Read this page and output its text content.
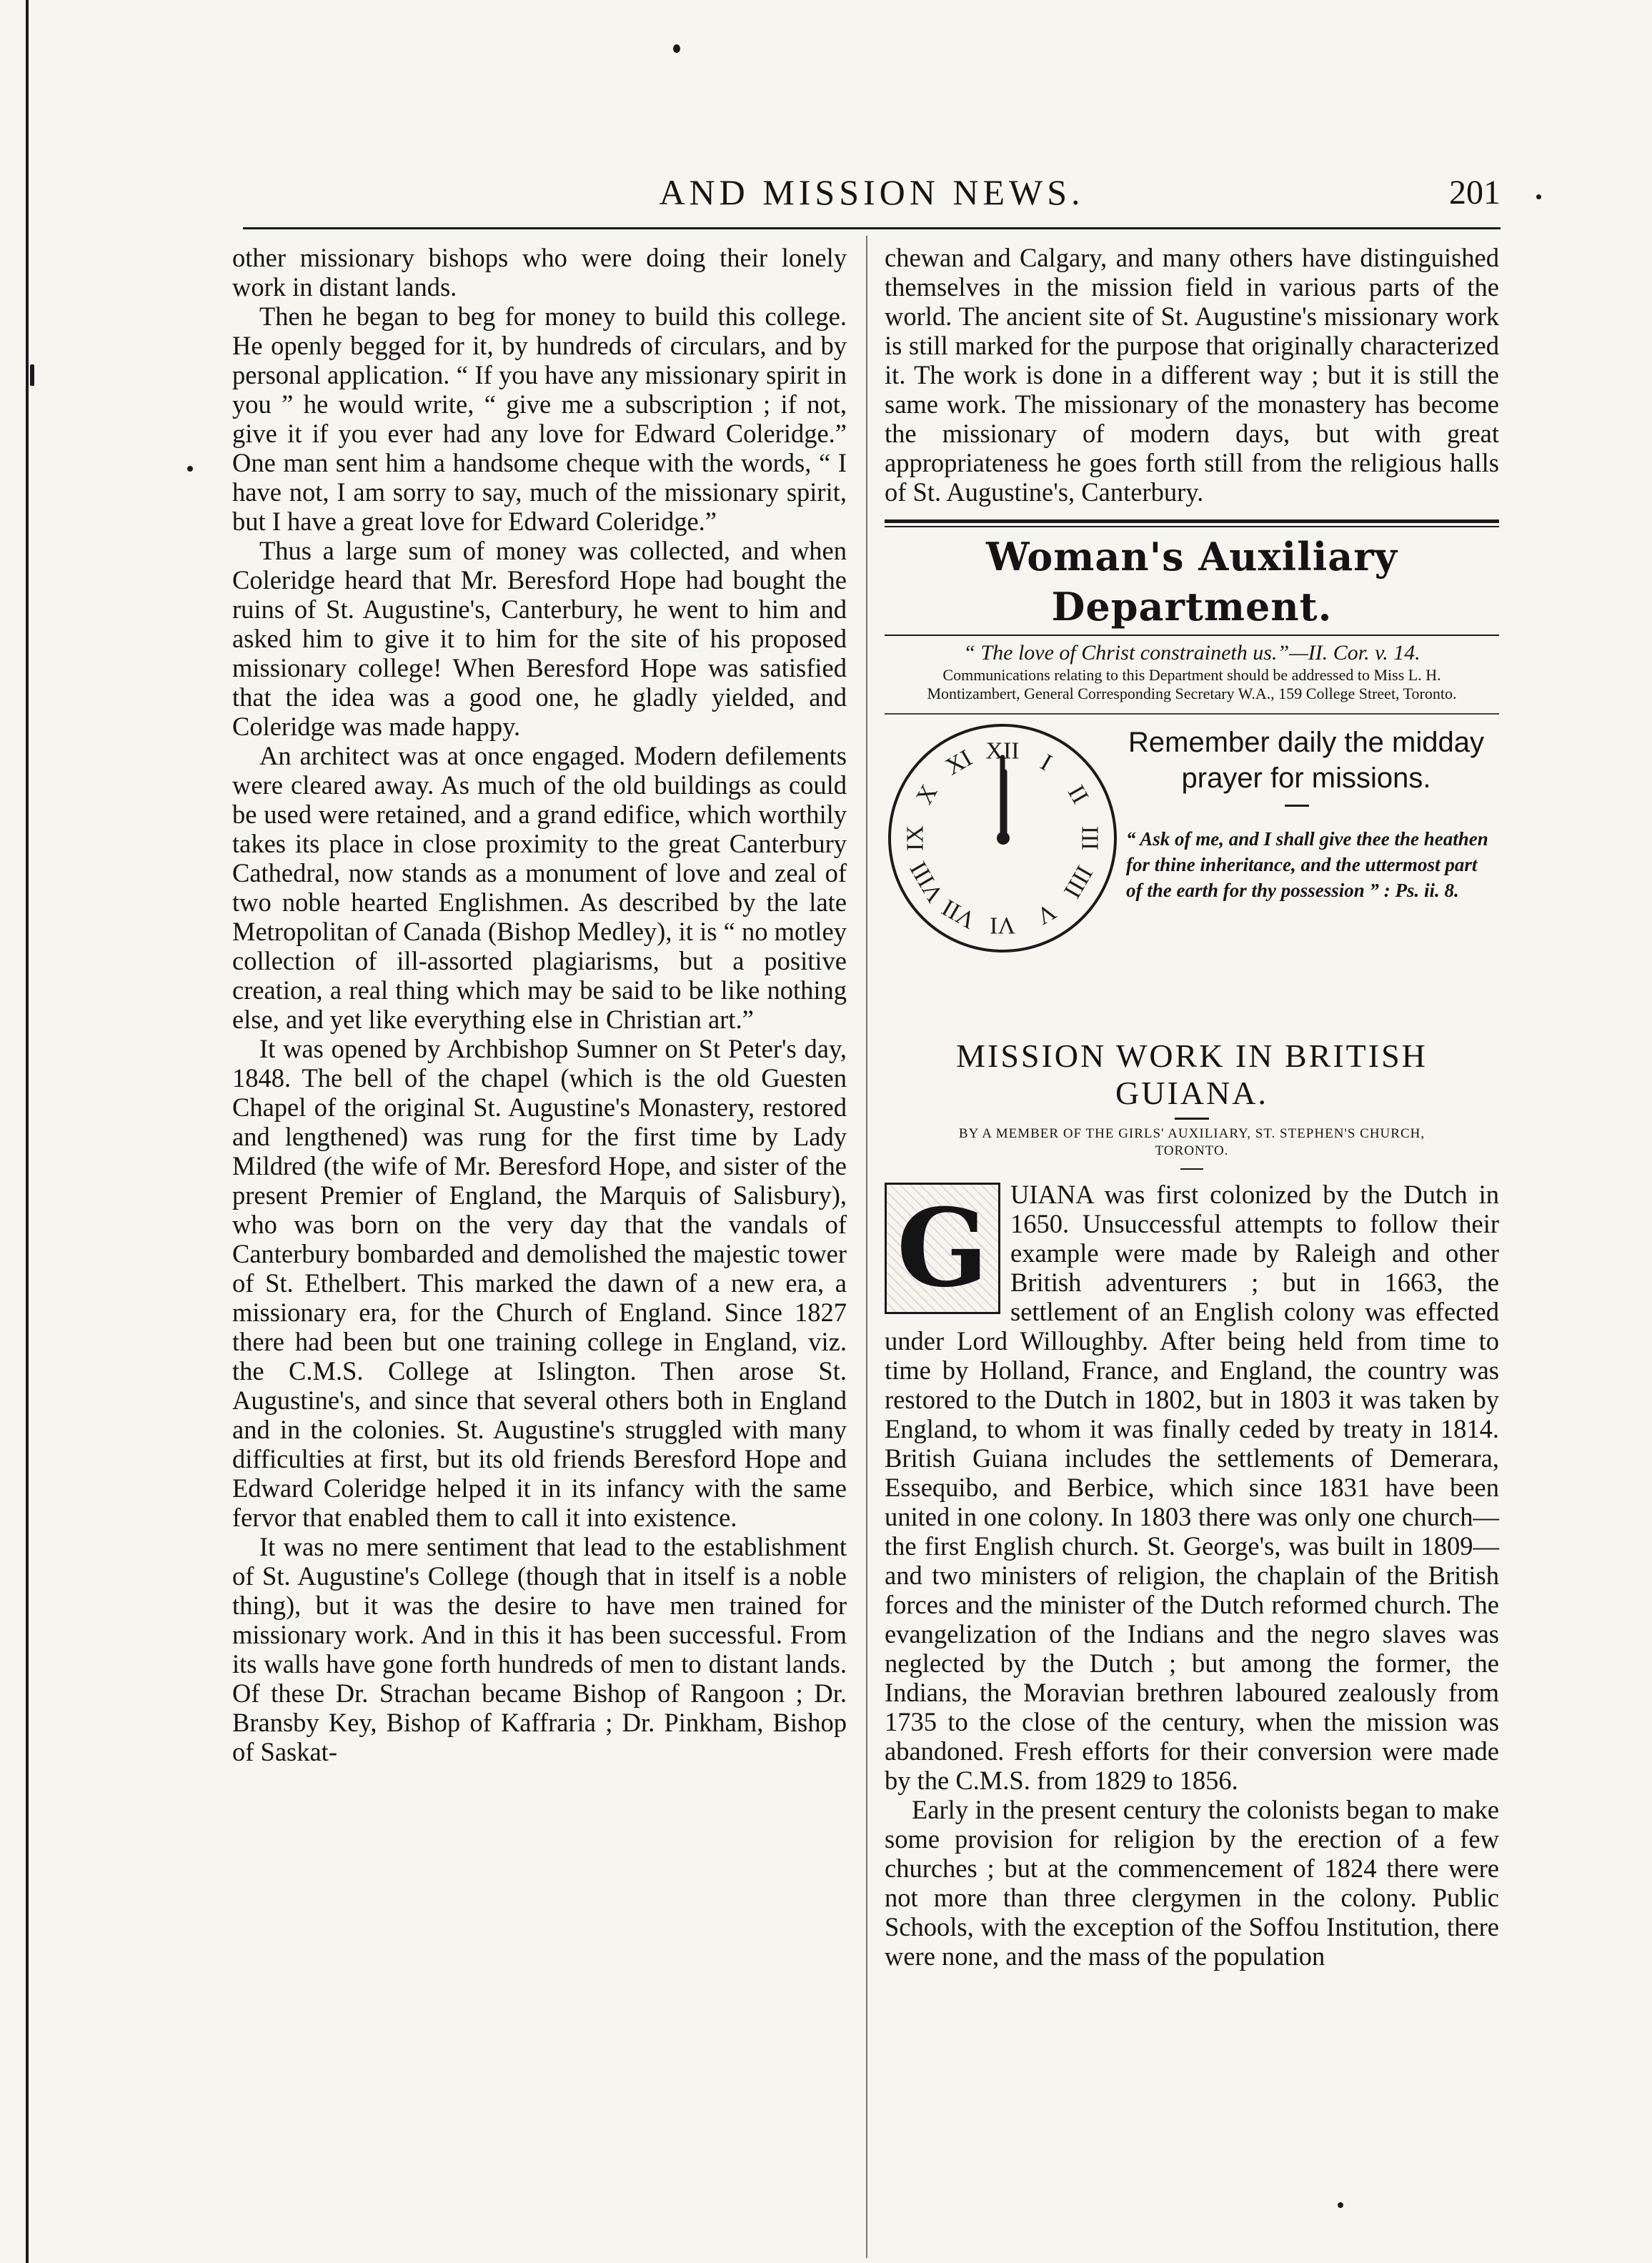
AND MISSION NEWS.	201

other missionary bishops who were doing their lonely work in distant lands.

Then he began to beg for money to build this college. He openly begged for it, by hundreds of circulars, and by personal application. “ If you have any missionary spirit in you ” he would write, “ give me a subscription ; if not, give it if you ever had any love for Edward Coleridge.” One man sent him a handsome cheque with the words, “ I have not, I am sorry to say, much of the missionary spirit, but I have a great love for Edward Coleridge.”

Thus a large sum of money was collected, and when Coleridge heard that Mr. Beresford Hope had bought the ruins of St. Augustine's, Canterbury, he went to him and asked him to give it to him for the site of his proposed missionary college! When Beresford Hope was satisfied that the idea was a good one, he gladly yielded, and Coleridge was made happy.

An architect was at once engaged. Modern defilements were cleared away. As much of the old buildings as could be used were retained, and a grand edifice, which worthily takes its place in close proximity to the great Canterbury Cathedral, now stands as a monument of love and zeal of two noble hearted Englishmen. As described by the late Metropolitan of Canada (Bishop Medley), it is “ no motley collection of ill-assorted plagiarisms, but a positive creation, a real thing which may be said to be like nothing else, and yet like everything else in Christian art.”

It was opened by Archbishop Sumner on St Peter's day, 1848. The bell of the chapel (which is the old Guesten Chapel of the original St. Augustine's Monastery, restored and lengthened) was rung for the first time by Lady Mildred (the wife of Mr. Beresford Hope, and sister of the present Premier of England, the Marquis of Salisbury), who was born on the very day that the vandals of Canterbury bombarded and demolished the majestic tower of St. Ethelbert. This marked the dawn of a new era, a missionary era, for the Church of England. Since 1827 there had been but one training college in England, viz. the C.M.S. College at Islington. Then arose St. Augustine's, and since that several others both in England and in the colonies. St. Augustine's struggled with many difficulties at first, but its old friends Beresford Hope and Edward Coleridge helped it in its infancy with the same fervor that enabled them to call it into existence.

It was no mere sentiment that lead to the establishment of St. Augustine's College (though that in itself is a noble thing), but it was the desire to have men trained for missionary work. And in this it has been successful. From its walls have gone forth hundreds of men to distant lands. Of these Dr. Strachan became Bishop of Rangoon ; Dr. Bransby Key, Bishop of Kaffraria ; Dr. Pinkham, Bishop of Saskat-

chewan and Calgary, and many others have distinguished themselves in the mission field in various parts of the world. The ancient site of St. Augustine's missionary work is still marked for the purpose that originally characterized it. The work is done in a different way ; but it is still the same work. The missionary of the monastery has become the missionary of modern days, but with great appropriateness he goes forth still from the religious halls of St. Augustine's, Canterbury.

Woman's Auxiliary Department.
“ The love of Christ constraineth us.”—II. Cor. v. 14.
Communications relating to this Department should be addressed to Miss L. H. Montizambert, General Corresponding Secretary W.A., 159 College Street, Toronto.
XII I
II
III
IIII
V
VI
VII
VIII
IX
X
XI
Remember daily the midday prayer for missions.
“ Ask of me, and I shall give thee the heathen for thine inheritance, and the uttermost part of the earth for thy possession ” : Ps. ii. 8.
MISSION WORK IN BRITISH GUIANA.
BY A MEMBER OF THE GIRLS' AUXILIARY, ST. STEPHEN'S CHURCH, TORONTO.

G UIANA was first colonized by the Dutch in 1650. Unsuccessful attempts to follow their example were made by Raleigh and other British adventurers ; but in 1663, the settlement of an English colony was effected under Lord Willoughby. After being held from time to time by Holland, France, and England, the country was restored to the Dutch in 1802, but in 1803 it was taken by England, to whom it was finally ceded by treaty in 1814. British Guiana includes the settlements of Demerara, Essequibo, and Berbice, which since 1831 have been united in one colony. In 1803 there was only one church—the first English church. St. George's, was built in 1809—and two ministers of religion, the chaplain of the British forces and the minister of the Dutch reformed church. The evangelization of the Indians and the negro slaves was neglected by the Dutch ; but among the former, the Indians, the Moravian brethren laboured zealously from 1735 to the close of the century, when the mission was abandoned. Fresh efforts for their conversion were made by the C.M.S. from 1829 to 1856.

Early in the present century the colonists began to make some provision for religion by the erection of a few churches ; but at the commencement of 1824 there were not more than three clergymen in the colony. Public Schools, with the exception of the Soffou Institution, there were none, and the mass of the population
